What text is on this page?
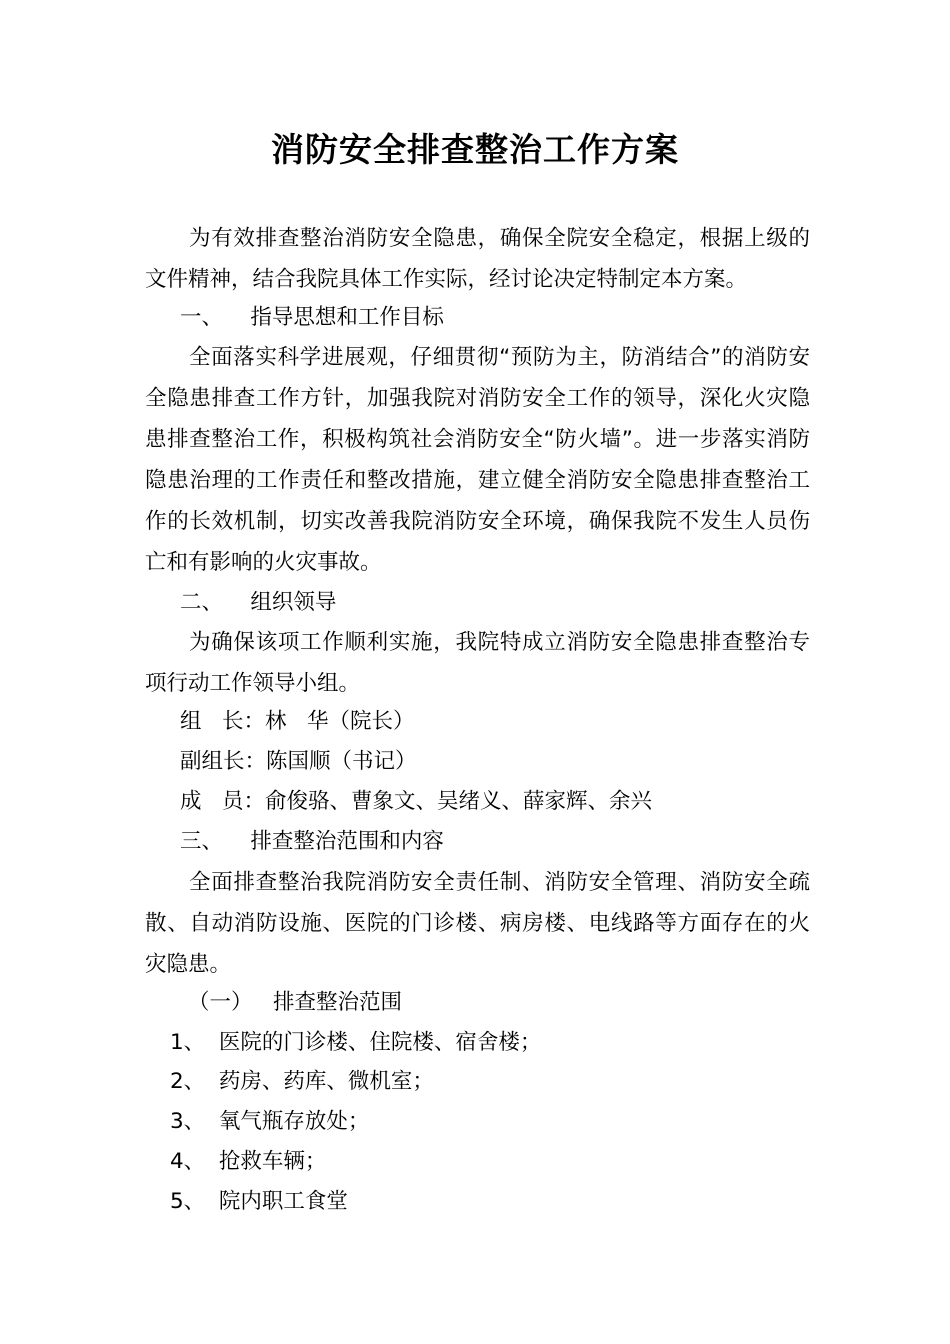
消防安全排查整治工作方案

为有效排查整治消防安全隐患，确保全院安全稳定，根据上级的文件精神，结合我院具体工作实际，经讨论决定特制定本方案。

一、    指导思想和工作目标

全面落实科学进展观，仔细贯彻“预防为主，防消结合”的消防安全隐患排查工作方针，加强我院对消防安全工作的领导，深化火灾隐患排查整治工作，积极构筑社会消防安全“防火墙”。进一步落实消防隐患治理的工作责任和整改措施，建立健全消防安全隐患排查整治工作的长效机制，切实改善我院消防安全环境，确保我院不发生人员伤亡和有影响的火灾事故。

二、    组织领导

为确保该项工作顺利实施，我院特成立消防安全隐患排查整治专项行动工作领导小组。

组   长：林   华（院长）
副组长：陈国顺（书记）
成   员：俞俊骆、曹象文、吴绪义、薛家辉、余兴
三、    排查整治范围和内容

全面排查整治我院消防安全责任制、消防安全管理、消防安全疏散、自动消防设施、医院的门诊楼、病房楼、电线路等方面存在的火灾隐患。

（一）   排查整治范围
1、  医院的门诊楼、住院楼、宿舍楼；
2、  药房、药库、微机室；
3、  氧气瓶存放处；
4、  抢救车辆；
5、  院内职工食堂
